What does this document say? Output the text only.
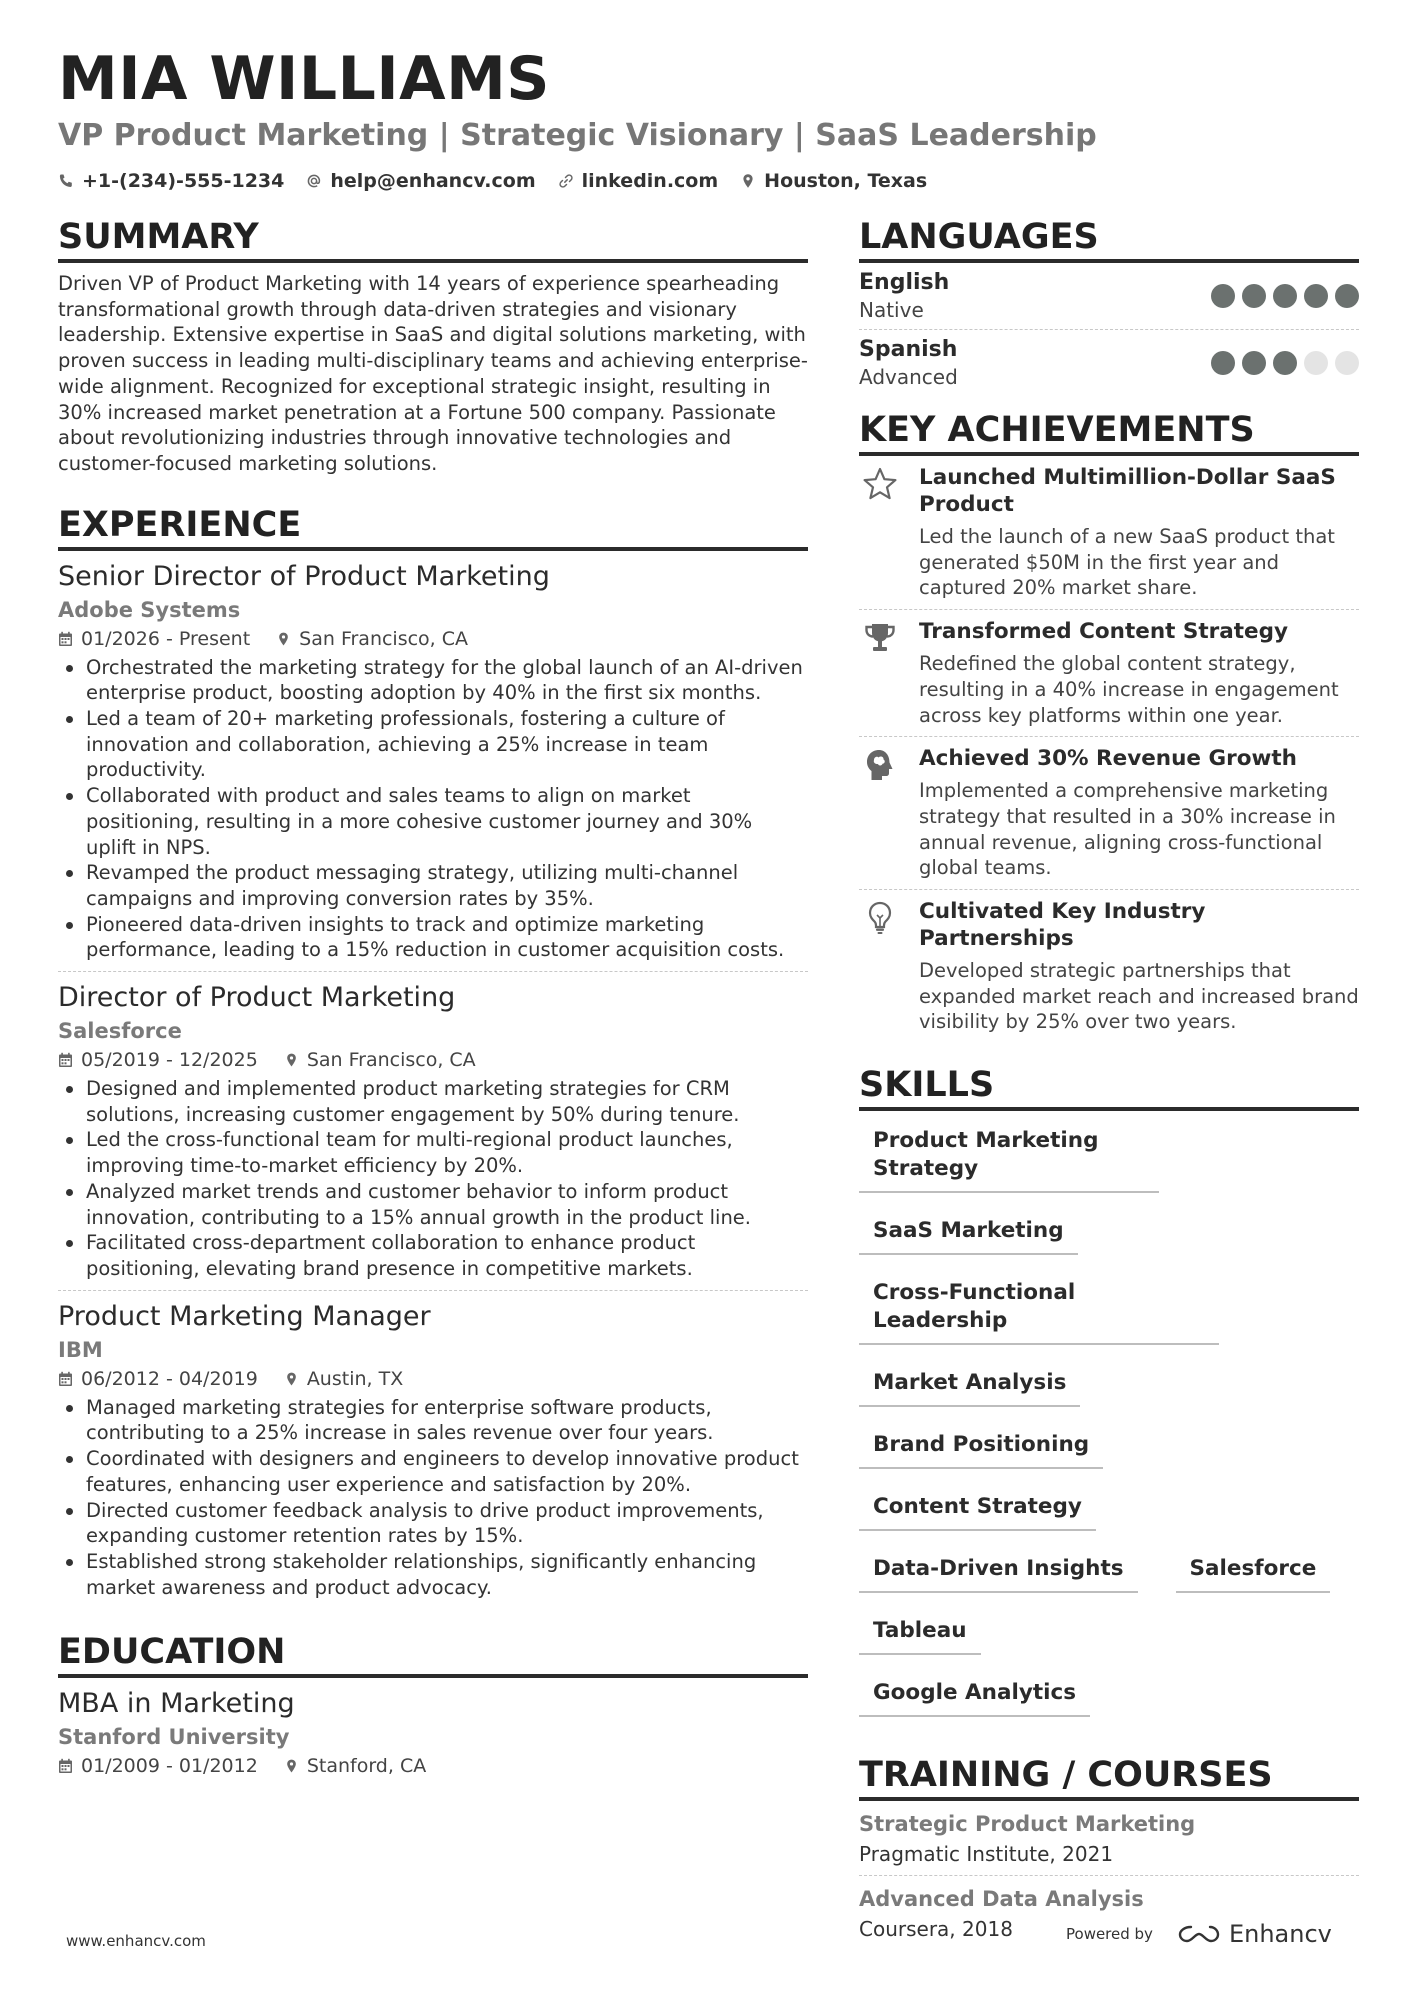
MIA WILLIAMS
VP Product Marketing | Strategic Visionary | SaaS Leadership
+1-(234)-555-1234 help@enhancv.com linkedin.com Houston, Texas
SUMMARY
Driven VP of Product Marketing with 14 years of experience spearheading transformational growth through data-driven strategies and visionary leadership. Extensive expertise in SaaS and digital solutions marketing, with proven success in leading multi-disciplinary teams and achieving enterprise-wide alignment. Recognized for exceptional strategic insight, resulting in 30% increased market penetration at a Fortune 500 company. Passionate about revolutionizing industries through innovative technologies and customer-focused marketing solutions.
EXPERIENCE
Senior Director of Product Marketing
Adobe Systems
01/2026 - Present	San Francisco, CA
Orchestrated the marketing strategy for the global launch of an AI-driven enterprise product, boosting adoption by 40% in the first six months.
Led a team of 20+ marketing professionals, fostering a culture of innovation and collaboration, achieving a 25% increase in team productivity.
Collaborated with product and sales teams to align on market positioning, resulting in a more cohesive customer journey and 30% uplift in NPS.
Revamped the product messaging strategy, utilizing multi-channel campaigns and improving conversion rates by 35%.
Pioneered data-driven insights to track and optimize marketing performance, leading to a 15% reduction in customer acquisition costs.
Director of Product Marketing
Salesforce
05/2019 - 12/2025	San Francisco, CA
Designed and implemented product marketing strategies for CRM solutions, increasing customer engagement by 50% during tenure.
Led the cross-functional team for multi-regional product launches, improving time-to-market efficiency by 20%.
Analyzed market trends and customer behavior to inform product innovation, contributing to a 15% annual growth in the product line.
Facilitated cross-department collaboration to enhance product positioning, elevating brand presence in competitive markets.
Product Marketing Manager
IBM
06/2012 - 04/2019	Austin, TX
Managed marketing strategies for enterprise software products, contributing to a 25% increase in sales revenue over four years.
Coordinated with designers and engineers to develop innovative product features, enhancing user experience and satisfaction by 20%.
Directed customer feedback analysis to drive product improvements, expanding customer retention rates by 15%.
Established strong stakeholder relationships, significantly enhancing market awareness and product advocacy.
EDUCATION
MBA in Marketing
Stanford University
01/2009 - 01/2012	Stanford, CA
LANGUAGES
English
Native
Spanish
Advanced
KEY ACHIEVEMENTS
Launched Multimillion-Dollar SaaS Product
Led the launch of a new SaaS product that generated $50M in the first year and captured 20% market share.
Transformed Content Strategy
Redefined the global content strategy, resulting in a 40% increase in engagement across key platforms within one year.
Achieved 30% Revenue Growth
Implemented a comprehensive marketing strategy that resulted in a 30% increase in annual revenue, aligning cross-functional global teams.
Cultivated Key Industry Partnerships
Developed strategic partnerships that expanded market reach and increased brand visibility by 25% over two years.
SKILLS
Product Marketing Strategy
SaaS Marketing
Cross-Functional Leadership
Market Analysis
Brand Positioning
Content Strategy
Data-Driven Insights	Salesforce
Tableau
Google Analytics
TRAINING / COURSES
Strategic Product Marketing
Pragmatic Institute, 2021
Advanced Data Analysis
Coursera, 2018
www.enhancv.com	Powered by	Enhancv
